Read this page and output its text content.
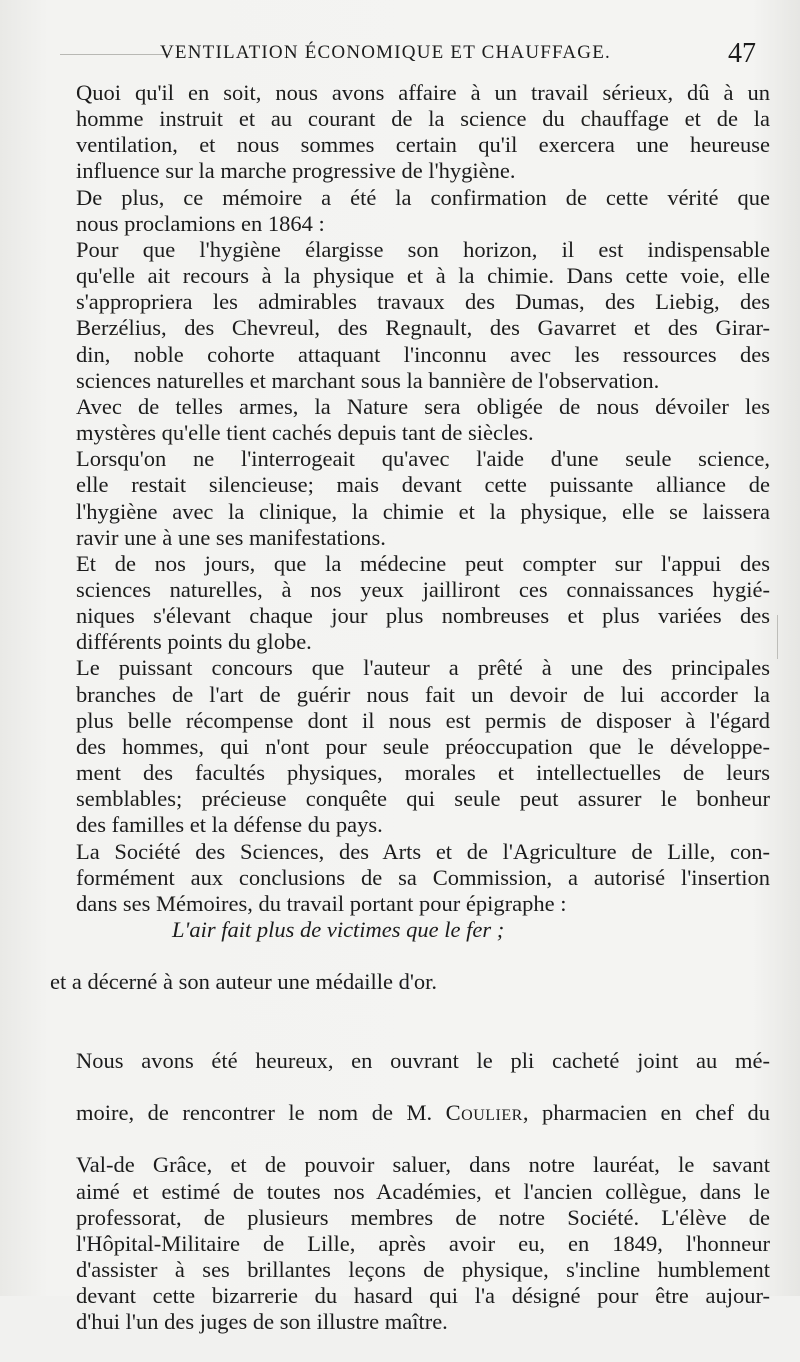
VENTILATION ÉCONOMIQUE ET CHAUFFAGE.	47

Quoi qu'il en soit, nous avons affaire à un travail sérieux, dû à un
homme instruit et au courant de la science du chauffage et de la
ventilation, et nous sommes certain qu'il exercera une heureuse
influence sur la marche progressive de l'hygiène.

De plus, ce mémoire a été la confirmation de cette vérité que
nous proclamions en 1864 :

Pour que l'hygiène élargisse son horizon, il est indispensable
qu'elle ait recours à la physique et à la chimie. Dans cette voie, elle
s'appropriera les admirables travaux des Dumas, des Liebig, des
Berzélius, des Chevreul, des Regnault, des Gavarret et des Girar-
din, noble cohorte attaquant l'inconnu avec les ressources des
sciences naturelles et marchant sous la bannière de l'observation.

Avec de telles armes, la Nature sera obligée de nous dévoiler les
mystères qu'elle tient cachés depuis tant de siècles.

Lorsqu'on ne l'interrogeait qu'avec l'aide d'une seule science,
elle restait silencieuse; mais devant cette puissante alliance de
l'hygiène avec la clinique, la chimie et la physique, elle se laissera
ravir une à une ses manifestations.

Et de nos jours, que la médecine peut compter sur l'appui des
sciences naturelles, à nos yeux jailliront ces connaissances hygié-
niques s'élevant chaque jour plus nombreuses et plus variées des
différents points du globe.

Le puissant concours que l'auteur a prêté à une des principales
branches de l'art de guérir nous fait un devoir de lui accorder la
plus belle récompense dont il nous est permis de disposer à l'égard
des hommes, qui n'ont pour seule préoccupation que le développe-
ment des facultés physiques, morales et intellectuelles de leurs
semblables; précieuse conquête qui seule peut assurer le bonheur
des familles et la défense du pays.

La Société des Sciences, des Arts et de l'Agriculture de Lille, con-
formément aux conclusions de sa Commission, a autorisé l'insertion
dans ses Mémoires, du travail portant pour épigraphe :

L'air fait plus de victimes que le fer ;

et a décerné à son auteur une médaille d'or.

Nous avons été heureux, en ouvrant le pli cacheté joint au mé-

moire, de rencontrer le nom de M. Coulier, pharmacien en chef du

Val-de Grâce, et de pouvoir saluer, dans notre lauréat, le savant
aimé et estimé de toutes nos Académies, et l'ancien collègue, dans le
professorat, de plusieurs membres de notre Société. L'élève de
l'Hôpital-Militaire de Lille, après avoir eu, en 1849, l'honneur
d'assister à ses brillantes leçons de physique, s'incline humblement
devant cette bizarrerie du hasard qui l'a désigné pour être aujour-
d'hui l'un des juges de son illustre maître.
